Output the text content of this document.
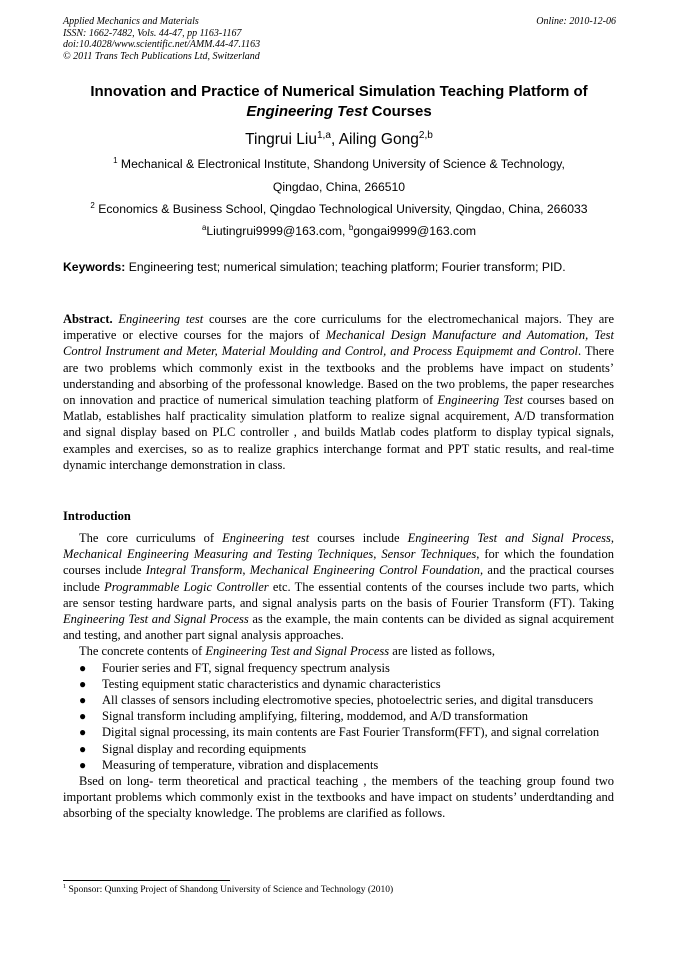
Applied Mechanics and Materials
ISSN: 1662-7482, Vols. 44-47, pp 1163-1167
doi:10.4028/www.scientific.net/AMM.44-47.1163
© 2011 Trans Tech Publications Ltd, Switzerland
Online: 2010-12-06
Innovation and Practice of Numerical Simulation Teaching Platform of
Engineering Test Courses
Tingrui Liu$^{1,a}$, Ailing Gong$^{2,b}$
$^1$ Mechanical & Electronical Institute, Shandong University of Science & Technology,
Qingdao, China, 266510
$^2$ Economics & Business School, Qingdao Technological University, Qingdao, China, 266033
$^a$Liutingrui9999@163.com, $^b$gongai9999@163.com
Keywords: Engineering test; numerical simulation; teaching platform; Fourier transform; PID.

Abstract. Engineering test courses are the core curriculums for the electromechanical majors. They are imperative or elective courses for the majors of Mechanical Design Manufacture and Automation, Test Control Instrument and Meter, Material Moulding and Control, and Process Equipmemt and Control. There are two problems which commonly exist in the textbooks and the problems have impact on students’ understanding and absorbing of the professonal knowledge. Based on the two problems, the paper researches on innovation and practice of numerical simulation teaching platform of Engineering Test courses based on Matlab, establishes half practicality simulation platform to realize signal acquirement, A/D transformation and signal display based on PLC controller , and builds Matlab codes platform to display typical signals, examples and exercises, so as to realize graphics interchange format and PPT static results, and real-time dynamic interchange demonstration in class.

Introduction

The core curriculums of Engineering test courses include Engineering Test and Signal Process, Mechanical Engineering Measuring and Testing Techniques, Sensor Techniques, for which the foundation courses include Integral Transform, Mechanical Engineering Control Foundation, and the practical courses include Programmable Logic Controller etc. The essential contents of the courses include two parts, which are sensor testing hardware parts, and signal analysis parts on the basis of Fourier Transform (FT). Taking Engineering Test and Signal Process as the example, the main contents can be divided as signal acquirement and testing, and another part signal analysis approaches.

The concrete contents of Engineering Test and Signal Process are listed as follows,

● Fourier series and FT, signal frequency spectrum analysis
● Testing equipment static characteristics and dynamic characteristics
● All classes of sensors including electromotive species, photoelectric series, and digital transducers
● Signal transform including amplifying, filtering, moddemod, and A/D transformation
● Digital signal processing, its main contents are Fast Fourier Transform(FFT), and signal correlation
● Signal display and recording equipments
● Measuring of temperature, vibration and displacements

Bsed on long- term theoretical and practical teaching , the members of the teaching group found two important problems which commonly exist in the textbooks and have impact on students’ underdtanding and absorbing of the specialty knowledge. The problems are clarified as follows.

$^1$ Sponsor: Qunxing Project of Shandong University of Science and Technology (2010)
